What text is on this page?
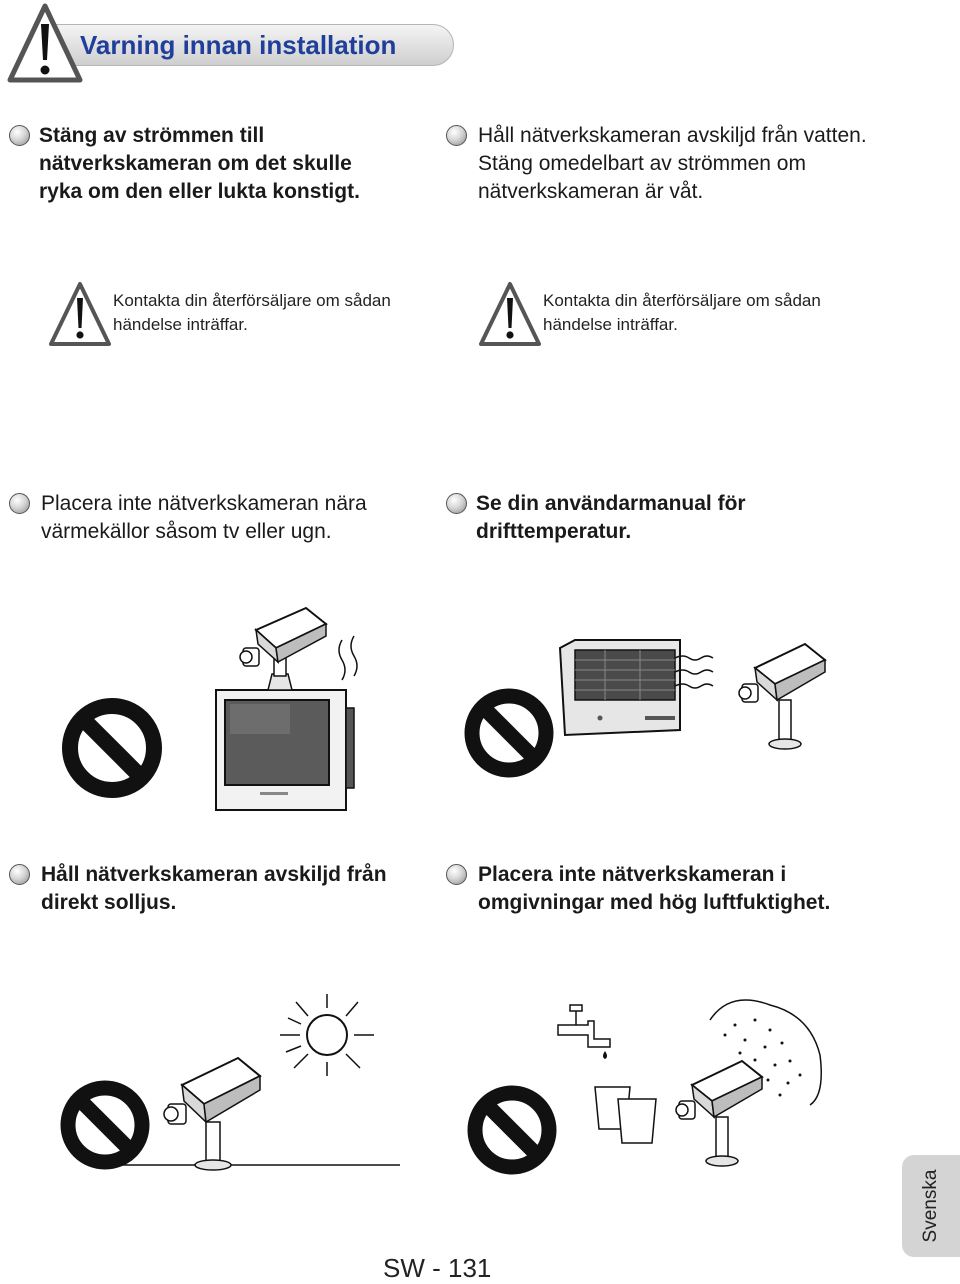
Varning innan installation
Stäng av strömmen till nätverkskameran om det skulle ryka om den eller lukta konstigt.
Håll nätverkskameran avskiljd från vatten. Stäng omedelbart av strömmen om nätverkskameran är våt.
Kontakta din återförsäljare om sådan händelse inträffar.
Kontakta din återförsäljare om sådan händelse inträffar.
Placera inte nätverkskameran nära värmekällor såsom tv eller ugn.
Se din användarmanual för drifttemperatur.
Håll nätverkskameran avskiljd från direkt solljus.
Placera inte nätverkskameran i omgivningar med hög luftfuktighet.
SW - 131
Svenska
